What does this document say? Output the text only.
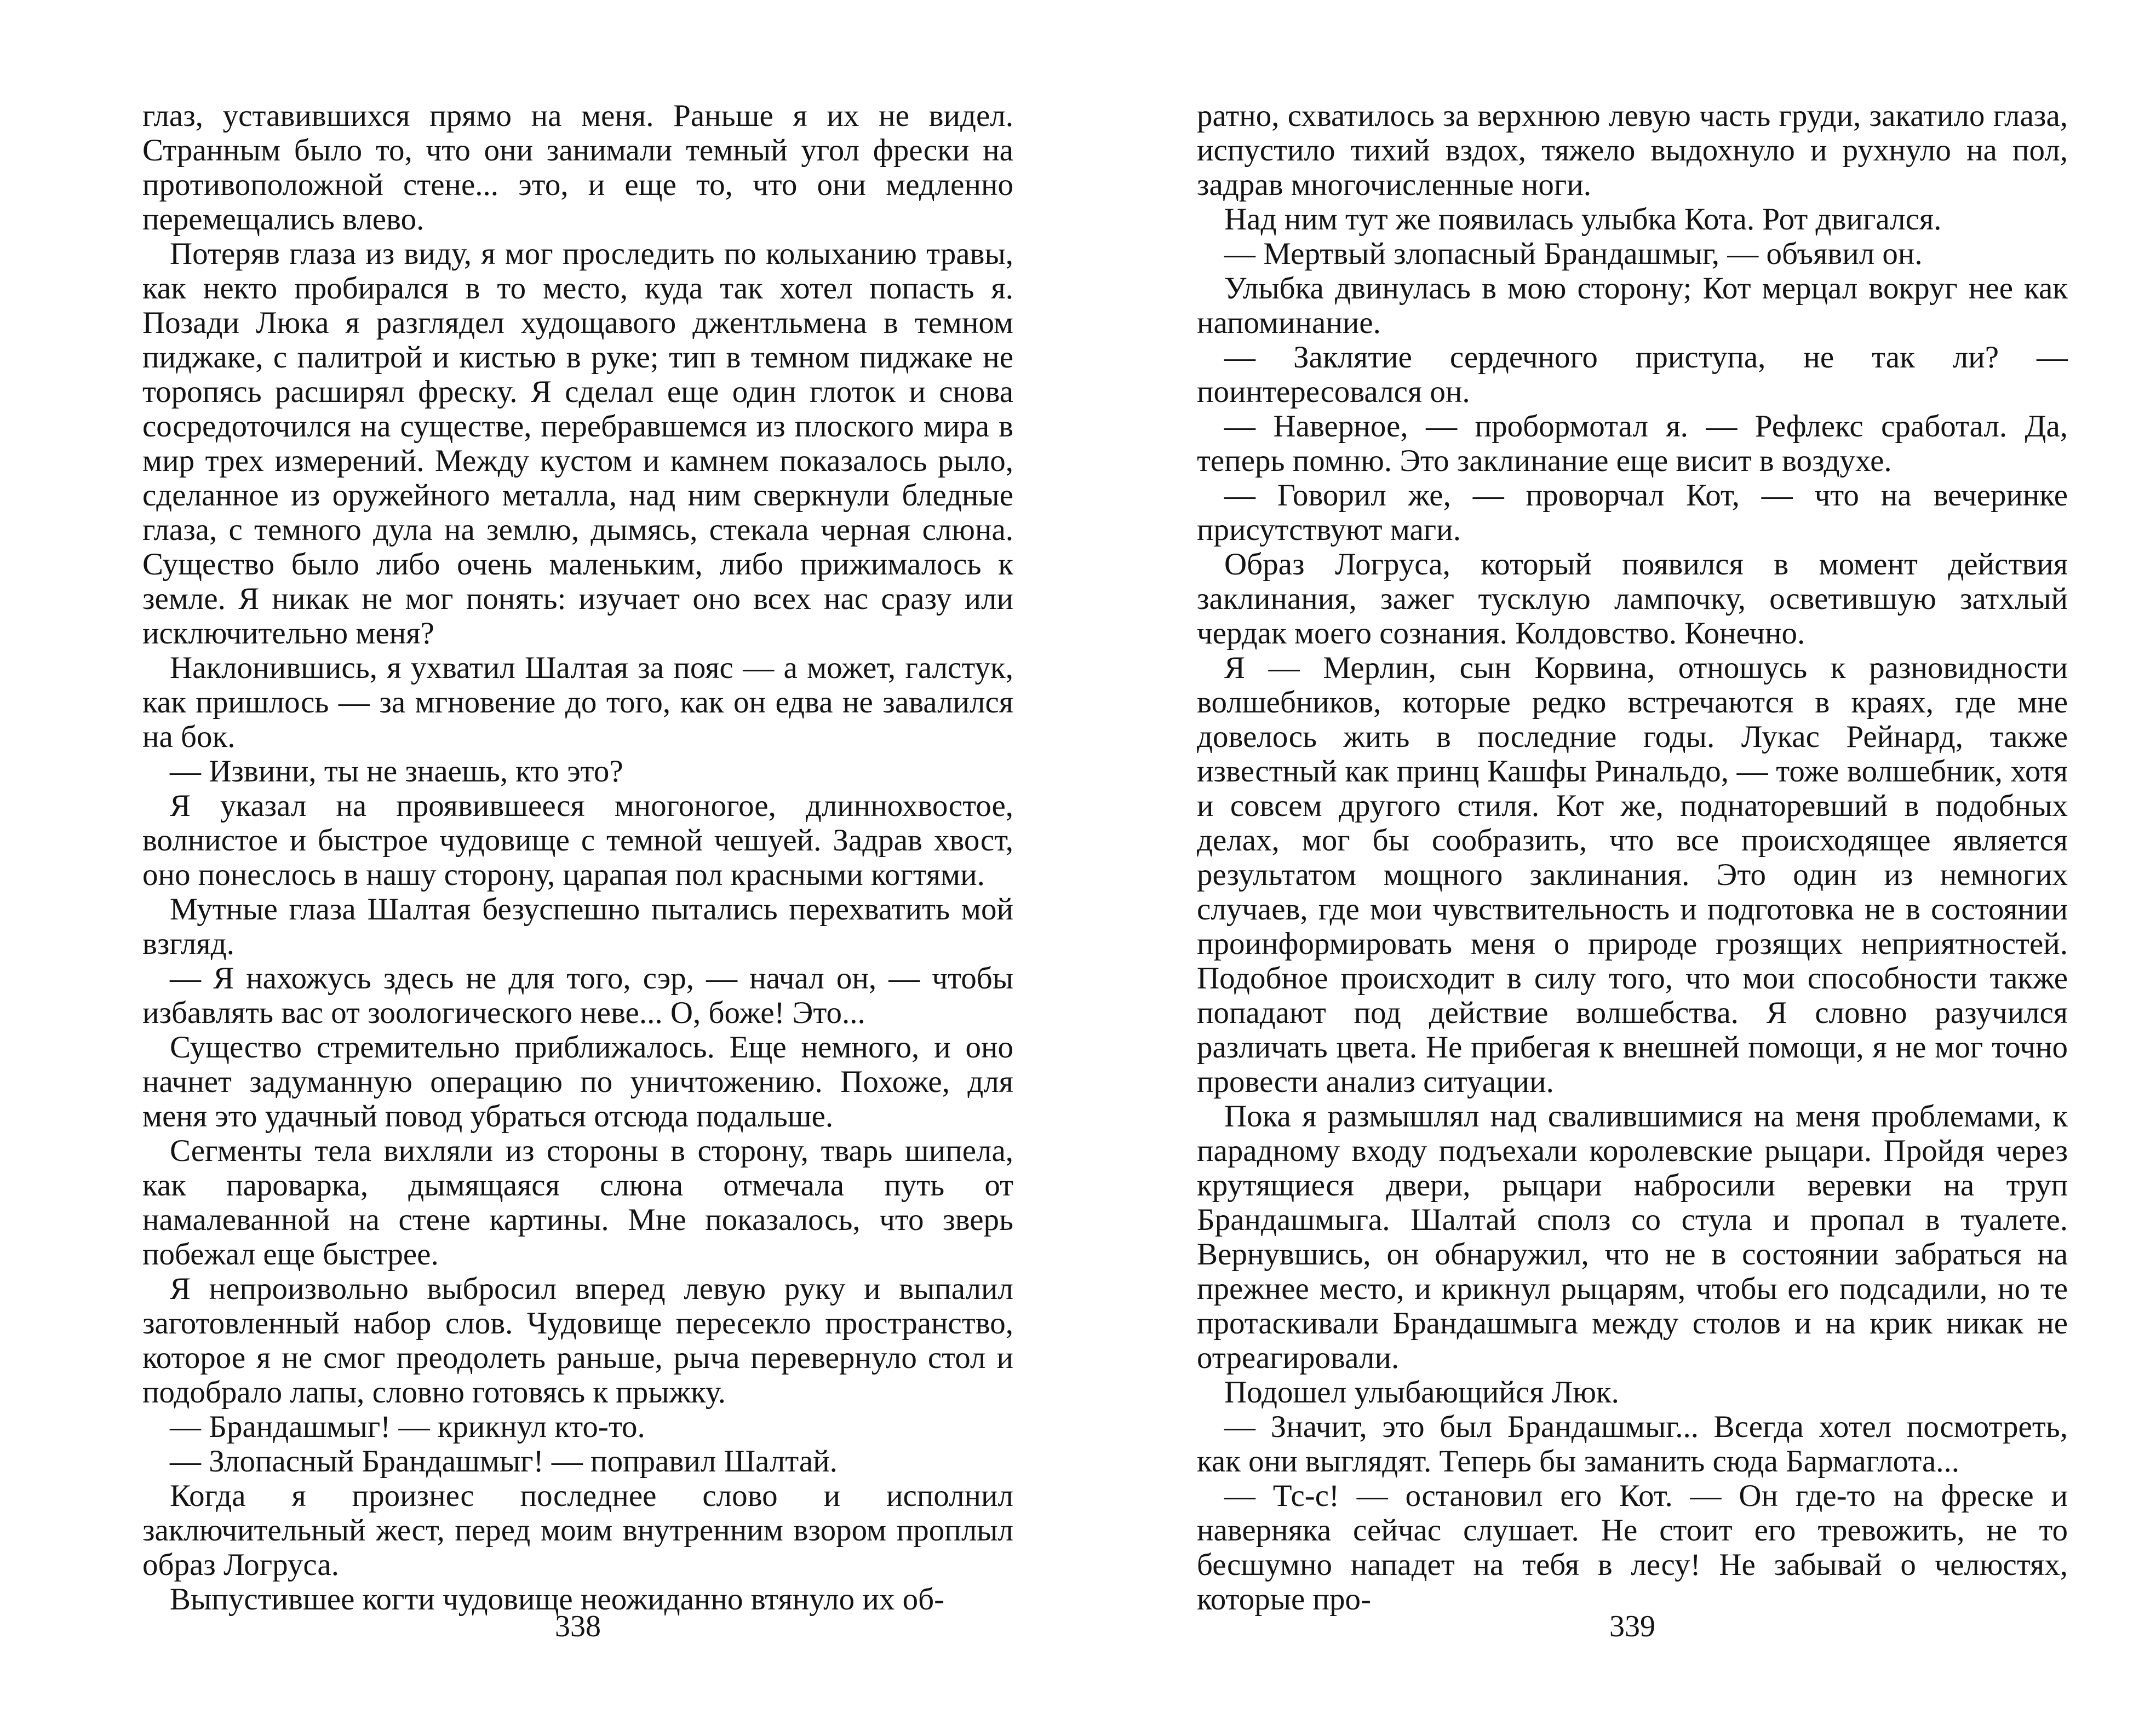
глаз, уставившихся прямо на меня. Раньше я их не видел. Странным было то, что они занимали темный угол фрески на противоположной стене... это, и еще то, что они медленно перемещались влево.

Потеряв глаза из виду, я мог проследить по колыханию травы, как некто пробирался в то место, куда так хотел попасть я. Позади Люка я разглядел худощавого джентльмена в темном пиджаке, с палитрой и кистью в руке; тип в темном пиджаке не торопясь расширял фреску. Я сделал еще один глоток и снова сосредоточился на существе, перебравшемся из плоского мира в мир трех измерений. Между кустом и камнем показалось рыло, сделанное из оружейного металла, над ним сверкнули бледные глаза, с темного дула на землю, дымясь, стекала черная слюна. Существо было либо очень маленьким, либо прижималось к земле. Я никак не мог понять: изучает оно всех нас сразу или исключительно меня?

Наклонившись, я ухватил Шалтая за пояс — а может, галстук, как пришлось — за мгновение до того, как он едва не завалился на бок.

— Извини, ты не знаешь, кто это?

Я указал на проявившееся многоногое, длиннохвостое, волнистое и быстрое чудовище с темной чешуей. Задрав хвост, оно понеслось в нашу сторону, царапая пол красными когтями.

Мутные глаза Шалтая безуспешно пытались перехватить мой взгляд.

— Я нахожусь здесь не для того, сэр, — начал он, — чтобы избавлять вас от зоологического неве... О, боже! Это...

Существо стремительно приближалось. Еще немного, и оно начнет задуманную операцию по уничтожению. Похоже, для меня это удачный повод убраться отсюда подальше.

Сегменты тела вихляли из стороны в сторону, тварь шипела, как пароварка, дымящаяся слюна отмечала путь от намалеванной на стене картины. Мне показалось, что зверь побежал еще быстрее.

Я непроизвольно выбросил вперед левую руку и выпалил заготовленный набор слов. Чудовище пересекло пространство, которое я не смог преодолеть раньше, рыча перевернуло стол и подобрало лапы, словно готовясь к прыжку.

— Брандашмыг! — крикнул кто-то.

— Злопасный Брандашмыг! — поправил Шалтай.

Когда я произнес последнее слово и исполнил заключительный жест, перед моим внутренним взором проплыл образ Логруса.

Выпустившее когти чудовище неожиданно втянуло их об-

338

ратно, схватилось за верхнюю левую часть груди, закатило глаза, испустило тихий вздох, тяжело выдохнуло и рухнуло на пол, задрав многочисленные ноги.

Над ним тут же появилась улыбка Кота. Рот двигался.

— Мертвый злопасный Брандашмыг, — объявил он.

Улыбка двинулась в мою сторону; Кот мерцал вокруг нее как напоминание.

— Заклятие сердечного приступа, не так ли? — поинтересовался он.

— Наверное, — пробормотал я. — Рефлекс сработал. Да, теперь помню. Это заклинание еще висит в воздухе.

— Говорил же, — проворчал Кот, — что на вечеринке присутствуют маги.

Образ Логруса, который появился в момент действия заклинания, зажег тусклую лампочку, осветившую затхлый чердак моего сознания. Колдовство. Конечно.

Я — Мерлин, сын Корвина, отношусь к разновидности волшебников, которые редко встречаются в краях, где мне довелось жить в последние годы. Лукас Рейнард, также известный как принц Кашфы Ринальдо, — тоже волшебник, хотя и совсем другого стиля. Кот же, поднаторевший в подобных делах, мог бы сообразить, что все происходящее является результатом мощного заклинания. Это один из немногих случаев, где мои чувствительность и подготовка не в состоянии проинформировать меня о природе грозящих неприятностей. Подобное происходит в силу того, что мои способности также попадают под действие волшебства. Я словно разучился различать цвета. Не прибегая к внешней помощи, я не мог точно провести анализ ситуации.

Пока я размышлял над свалившимися на меня проблемами, к парадному входу подъехали королевские рыцари. Пройдя через крутящиеся двери, рыцари набросили веревки на труп Брандашмыга. Шалтай сполз со стула и пропал в туалете. Вернувшись, он обнаружил, что не в состоянии забраться на прежнее место, и крикнул рыцарям, чтобы его подсадили, но те протаскивали Брандашмыга между столов и на крик никак не отреагировали.

Подошел улыбающийся Люк.

— Значит, это был Брандашмыг... Всегда хотел посмотреть, как они выглядят. Теперь бы заманить сюда Бармаглота...

— Тс-с! — остановил его Кот. — Он где-то на фреске и наверняка сейчас слушает. Не стоит его тревожить, не то бесшумно нападет на тебя в лесу! Не забывай о челюстях, которые про-

339
